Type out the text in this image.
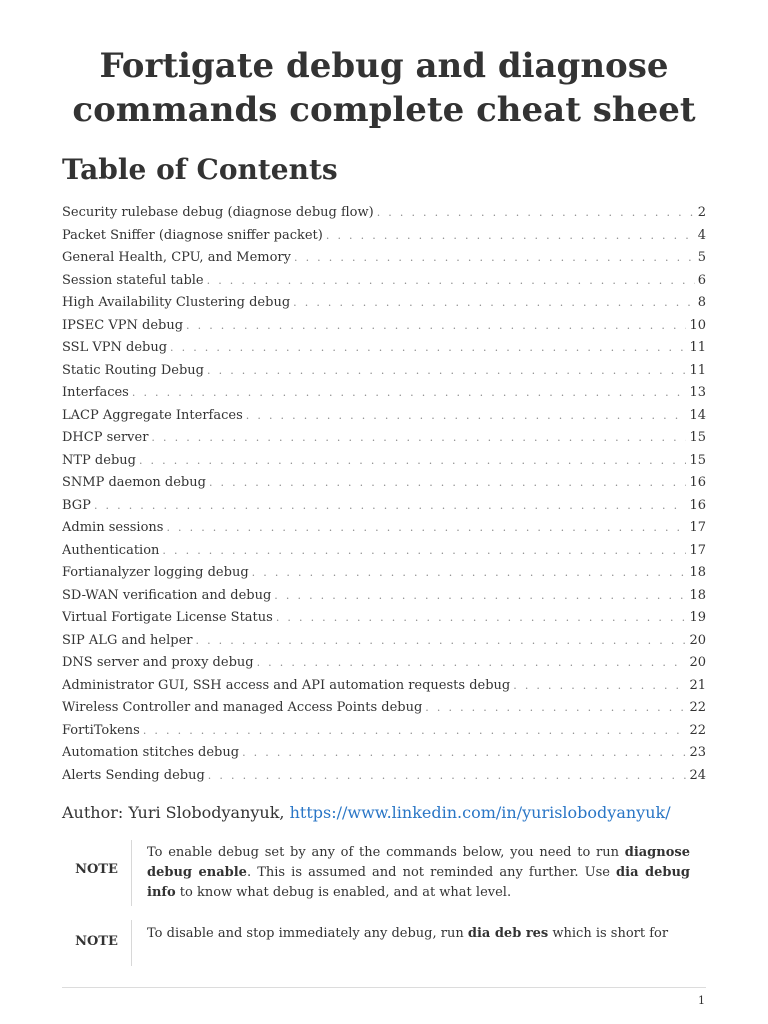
Fortigate debug and diagnose commands complete cheat sheet
Table of Contents
Security rulebase debug (diagnose debug flow) . . .	2
Packet Sniffer (diagnose sniffer packet) . . .	4
General Health, CPU, and Memory . . .	5
Session stateful table . . .	6
High Availability Clustering debug . . .	8
IPSEC VPN debug . . .	10
SSL VPN debug . . .	11
Static Routing Debug . . .	11
Interfaces . . .	13
LACP Aggregate Interfaces . . .	14
DHCP server . . .	15
NTP debug . . .	15
SNMP daemon debug . . .	16
BGP . . .	16
Admin sessions . . .	17
Authentication . . .	17
Fortianalyzer logging debug . . .	18
SD-WAN verification and debug . . .	18
Virtual Fortigate License Status . . .	19
SIP ALG and helper . . .	20
DNS server and proxy debug . . .	20
Administrator GUI, SSH access and API automation requests debug . . .	21
Wireless Controller and managed Access Points debug . . .	22
FortiTokens . . .	22
Automation stitches debug . . .	23
Alerts Sending debug . . .	24
Author: Yuri Slobodyanyuk, https://www.linkedin.com/in/yurislobodyanyuk/
NOTE
To enable debug set by any of the commands below, you need to run diagnose debug enable. This is assumed and not reminded any further. Use dia debug info to know what debug is enabled, and at what level.
NOTE
To disable and stop immediately any debug, run dia deb res which is short for
1
